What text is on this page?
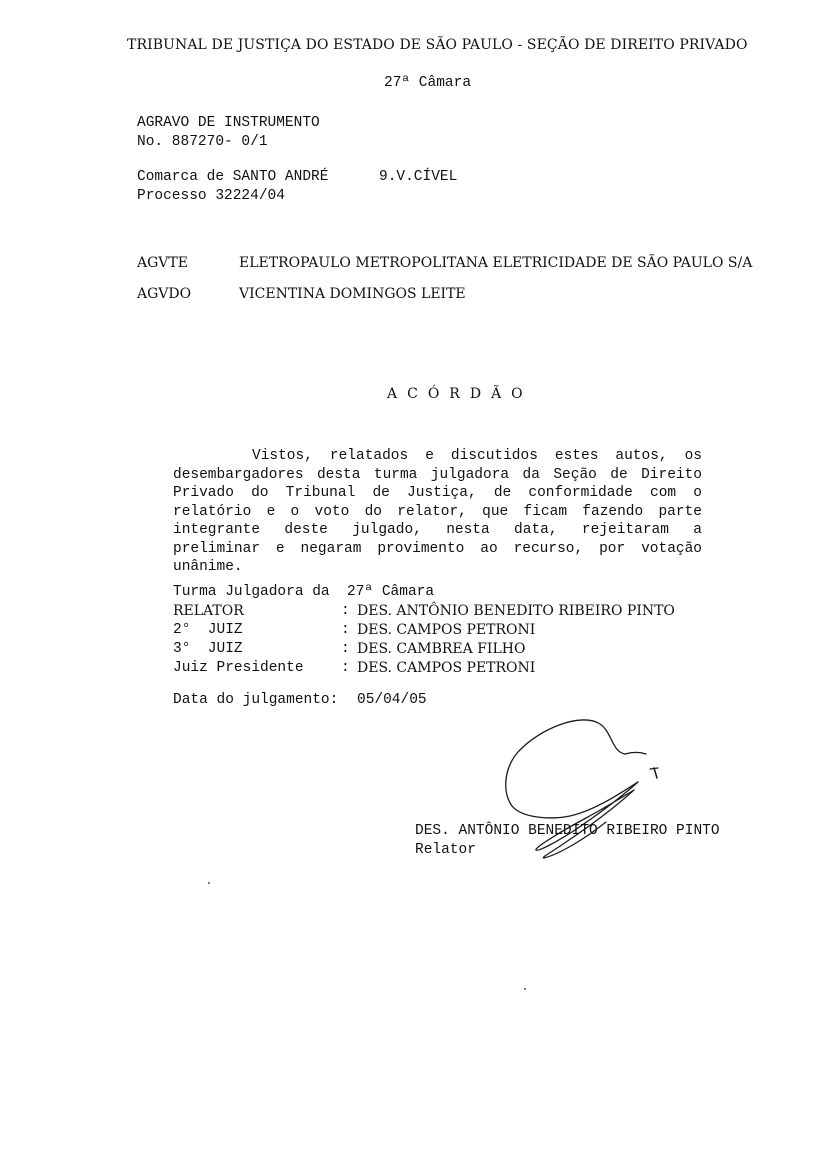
TRIBUNAL DE JUSTIÇA DO ESTADO DE SÃO PAULO - SEÇÃO DE DIREITO PRIVADO
27ª Câmara
AGRAVO DE INSTRUMENTO
No. 887270- 0/1
Comarca de SANTO ANDRÉ	9.V.CÍVEL
Processo 32224/04
AGVTE	ELETROPAULO METROPOLITANA ELETRICIDADE DE SÃO PAULO S/A
AGVDO	VICENTINA DOMINGOS LEITE
ACÓRDÃO
Vistos, relatados e discutidos estes autos, os desembargadores desta turma julgadora da Seção de Direito Privado do Tribunal de Justiça, de conformidade com o relatório e o voto do relator, que ficam fazendo parte integrante deste julgado, nesta data, rejeitaram a preliminar e negaram provimento ao recurso, por votação unânime.
Turma Julgadora da  27ª Câmara
RELATOR	: DES. ANTÔNIO BENEDITO RIBEIRO PINTO
2°  JUIZ	: DES. CAMPOS PETRONI
3°  JUIZ	: DES. CAMBREA FILHO
Juiz Presidente	: DES. CAMPOS PETRONI
Data do julgamento: 05/04/05
DES. ANTÔNIO BENEDITO RIBEIRO PINTO
Relator
